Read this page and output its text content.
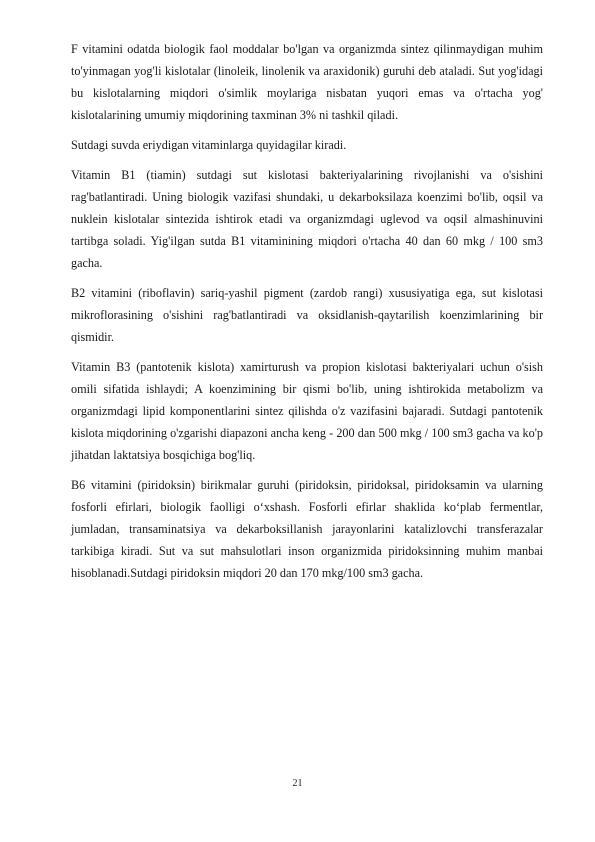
F vitamini odatda biologik faol moddalar bo'lgan va organizmda sintez qilinmaydigan muhim to'yinmagan yog'li kislotalar (linoleik, linolenik va araxidonik) guruhi deb ataladi. Sut yog'idagi bu kislotalarning miqdori o'simlik moylariga nisbatan yuqori emas va o'rtacha yog' kislotalarining umumiy miqdorining taxminan 3% ni tashkil qiladi.

Sutdagi suvda eriydigan vitaminlarga quyidagilar kiradi.

Vitamin B1 (tiamin) sutdagi sut kislotasi bakteriyalarining rivojlanishi va o'sishini rag'batlantiradi. Uning biologik vazifasi shundaki, u dekarboksilaza koenzimi bo'lib, oqsil va nuklein kislotalar sintezida ishtirok etadi va organizmdagi uglevod va oqsil almashinuvini tartibga soladi. Yig'ilgan sutda B1 vitaminining miqdori o'rtacha 40 dan 60 mkg / 100 sm3 gacha.

B2 vitamini (riboflavin) sariq-yashil pigment (zardob rangi) xususiyatiga ega, sut kislotasi mikroflorasining o'sishini rag'batlantiradi va oksidlanish-qaytarilish koenzimlarining bir qismidir.

Vitamin B3 (pantotenik kislota) xamirturush va propion kislotasi bakteriyalari uchun o'sish omili sifatida ishlaydi; A koenzimining bir qismi bo'lib, uning ishtirokida metabolizm va organizmdagi lipid komponentlarini sintez qilishda o'z vazifasini bajaradi. Sutdagi pantotenik kislota miqdorining o'zgarishi diapazoni ancha keng - 200 dan 500 mkg / 100 sm3 gacha va ko'p jihatdan laktatsiya bosqichiga bog'liq.

B6 vitamini (piridoksin) birikmalar guruhi (piridoksin, piridoksal, piridoksamin va ularning fosforli efirlari, biologik faolligi o‘xshash. Fosforli efirlar shaklida ko‘plab fermentlar, jumladan, transaminatsiya va dekarboksillanish jarayonlarini katalizlovchi transferazalar tarkibiga kiradi. Sut va sut mahsulotlari inson organizmida piridoksinning muhim manbai hisoblanadi.Sutdagi piridoksin miqdori 20 dan 170 mkg/100 sm3 gacha.

21
